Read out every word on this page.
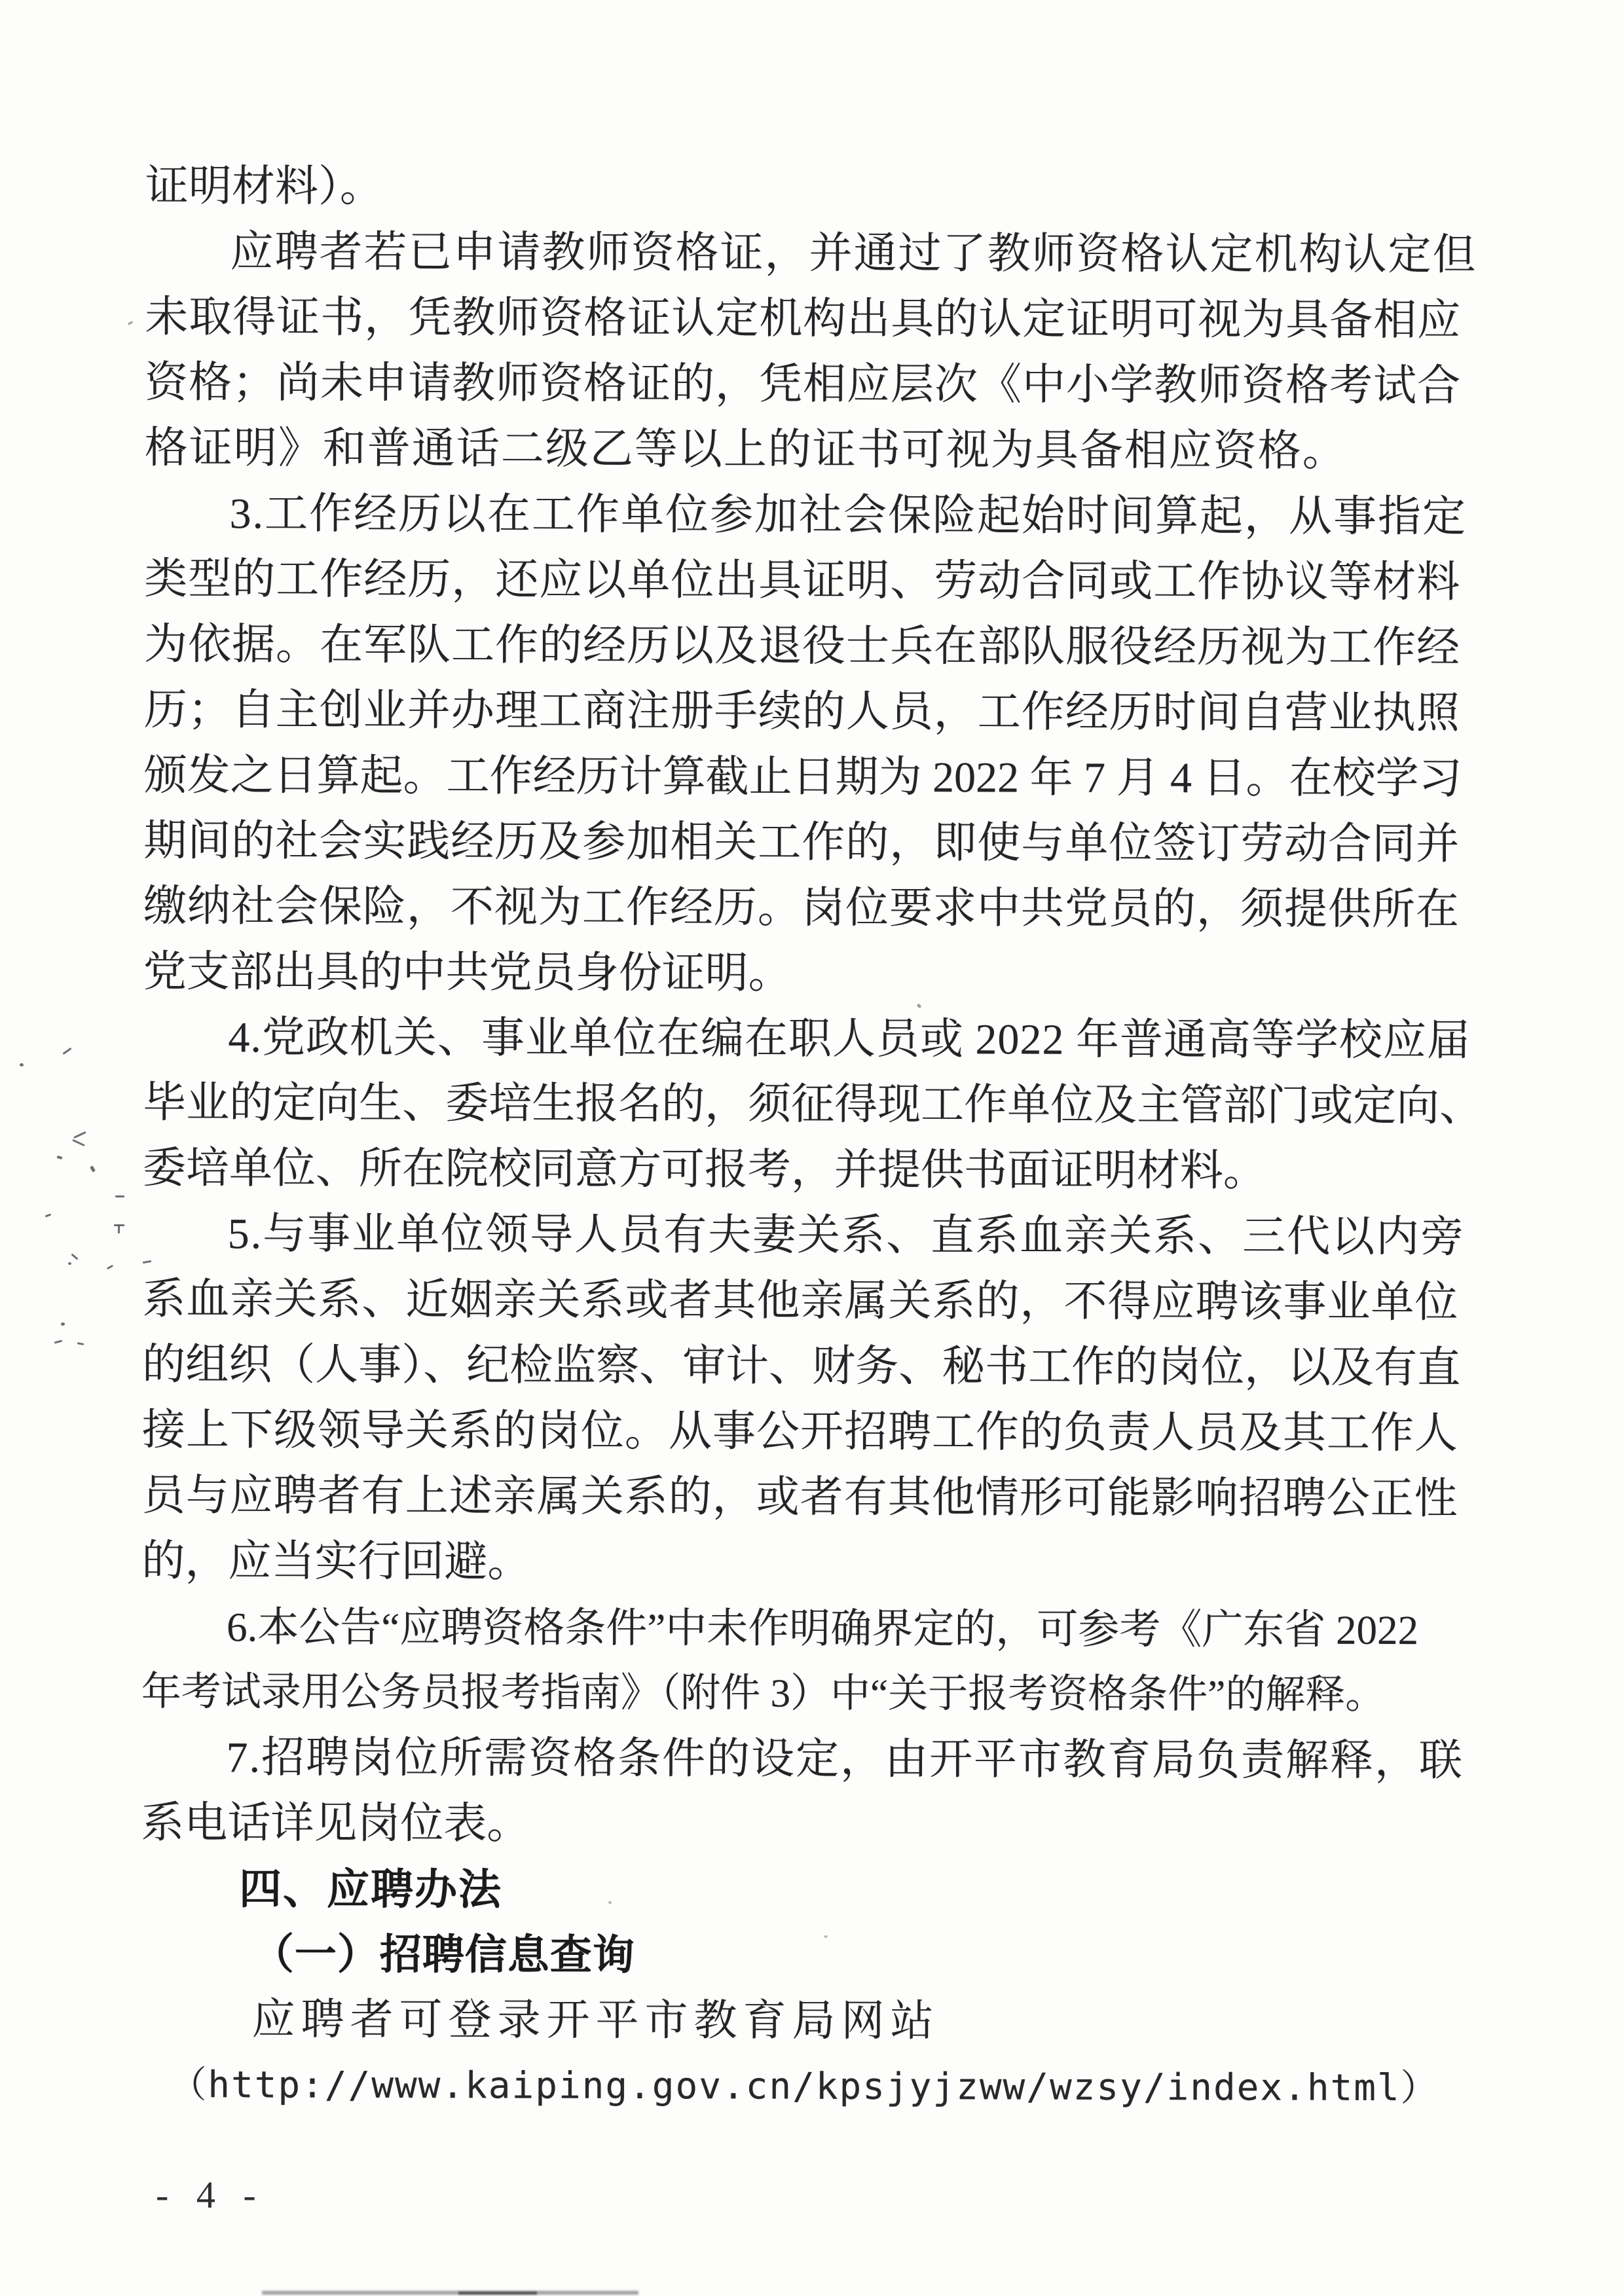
证明材料）。
应聘者若已申请教师资格证，并通过了教师资格认定机构认定但
未取得证书，凭教师资格证认定机构出具的认定证明可视为具备相应
资格；尚未申请教师资格证的，凭相应层次《中小学教师资格考试合
格证明》和普通话二级乙等以上的证书可视为具备相应资格。
3.工作经历以在工作单位参加社会保险起始时间算起，从事指定
类型的工作经历，还应以单位出具证明、劳动合同或工作协议等材料
为依据。在军队工作的经历以及退役士兵在部队服役经历视为工作经
历；自主创业并办理工商注册手续的人员，工作经历时间自营业执照
颁发之日算起。工作经历计算截止日期为 2022 年 7 月 4 日。在校学习
期间的社会实践经历及参加相关工作的，即使与单位签订劳动合同并
缴纳社会保险，不视为工作经历。岗位要求中共党员的，须提供所在
党支部出具的中共党员身份证明。
4.党政机关、事业单位在编在职人员或 2022 年普通高等学校应届
毕业的定向生、委培生报名的，须征得现工作单位及主管部门或定向、
委培单位、所在院校同意方可报考，并提供书面证明材料。
5.与事业单位领导人员有夫妻关系、直系血亲关系、三代以内旁
系血亲关系、近姻亲关系或者其他亲属关系的，不得应聘该事业单位
的组织（人事）、纪检监察、审计、财务、秘书工作的岗位，以及有直
接上下级领导关系的岗位。从事公开招聘工作的负责人员及其工作人
员与应聘者有上述亲属关系的，或者有其他情形可能影响招聘公正性
的，应当实行回避。
6.本公告“应聘资格条件”中未作明确界定的，可参考《广东省 2022
年考试录用公务员报考指南》（附件 3）中“关于报考资格条件”的解释。
7.招聘岗位所需资格条件的设定，由开平市教育局负责解释，联
系电话详见岗位表。
四、应聘办法
（一）招聘信息查询
应聘者可登录开平市教育局网站
（http://www.kaiping.gov.cn/kpsjyjzww/wzsy/index.html）
- 4 -
